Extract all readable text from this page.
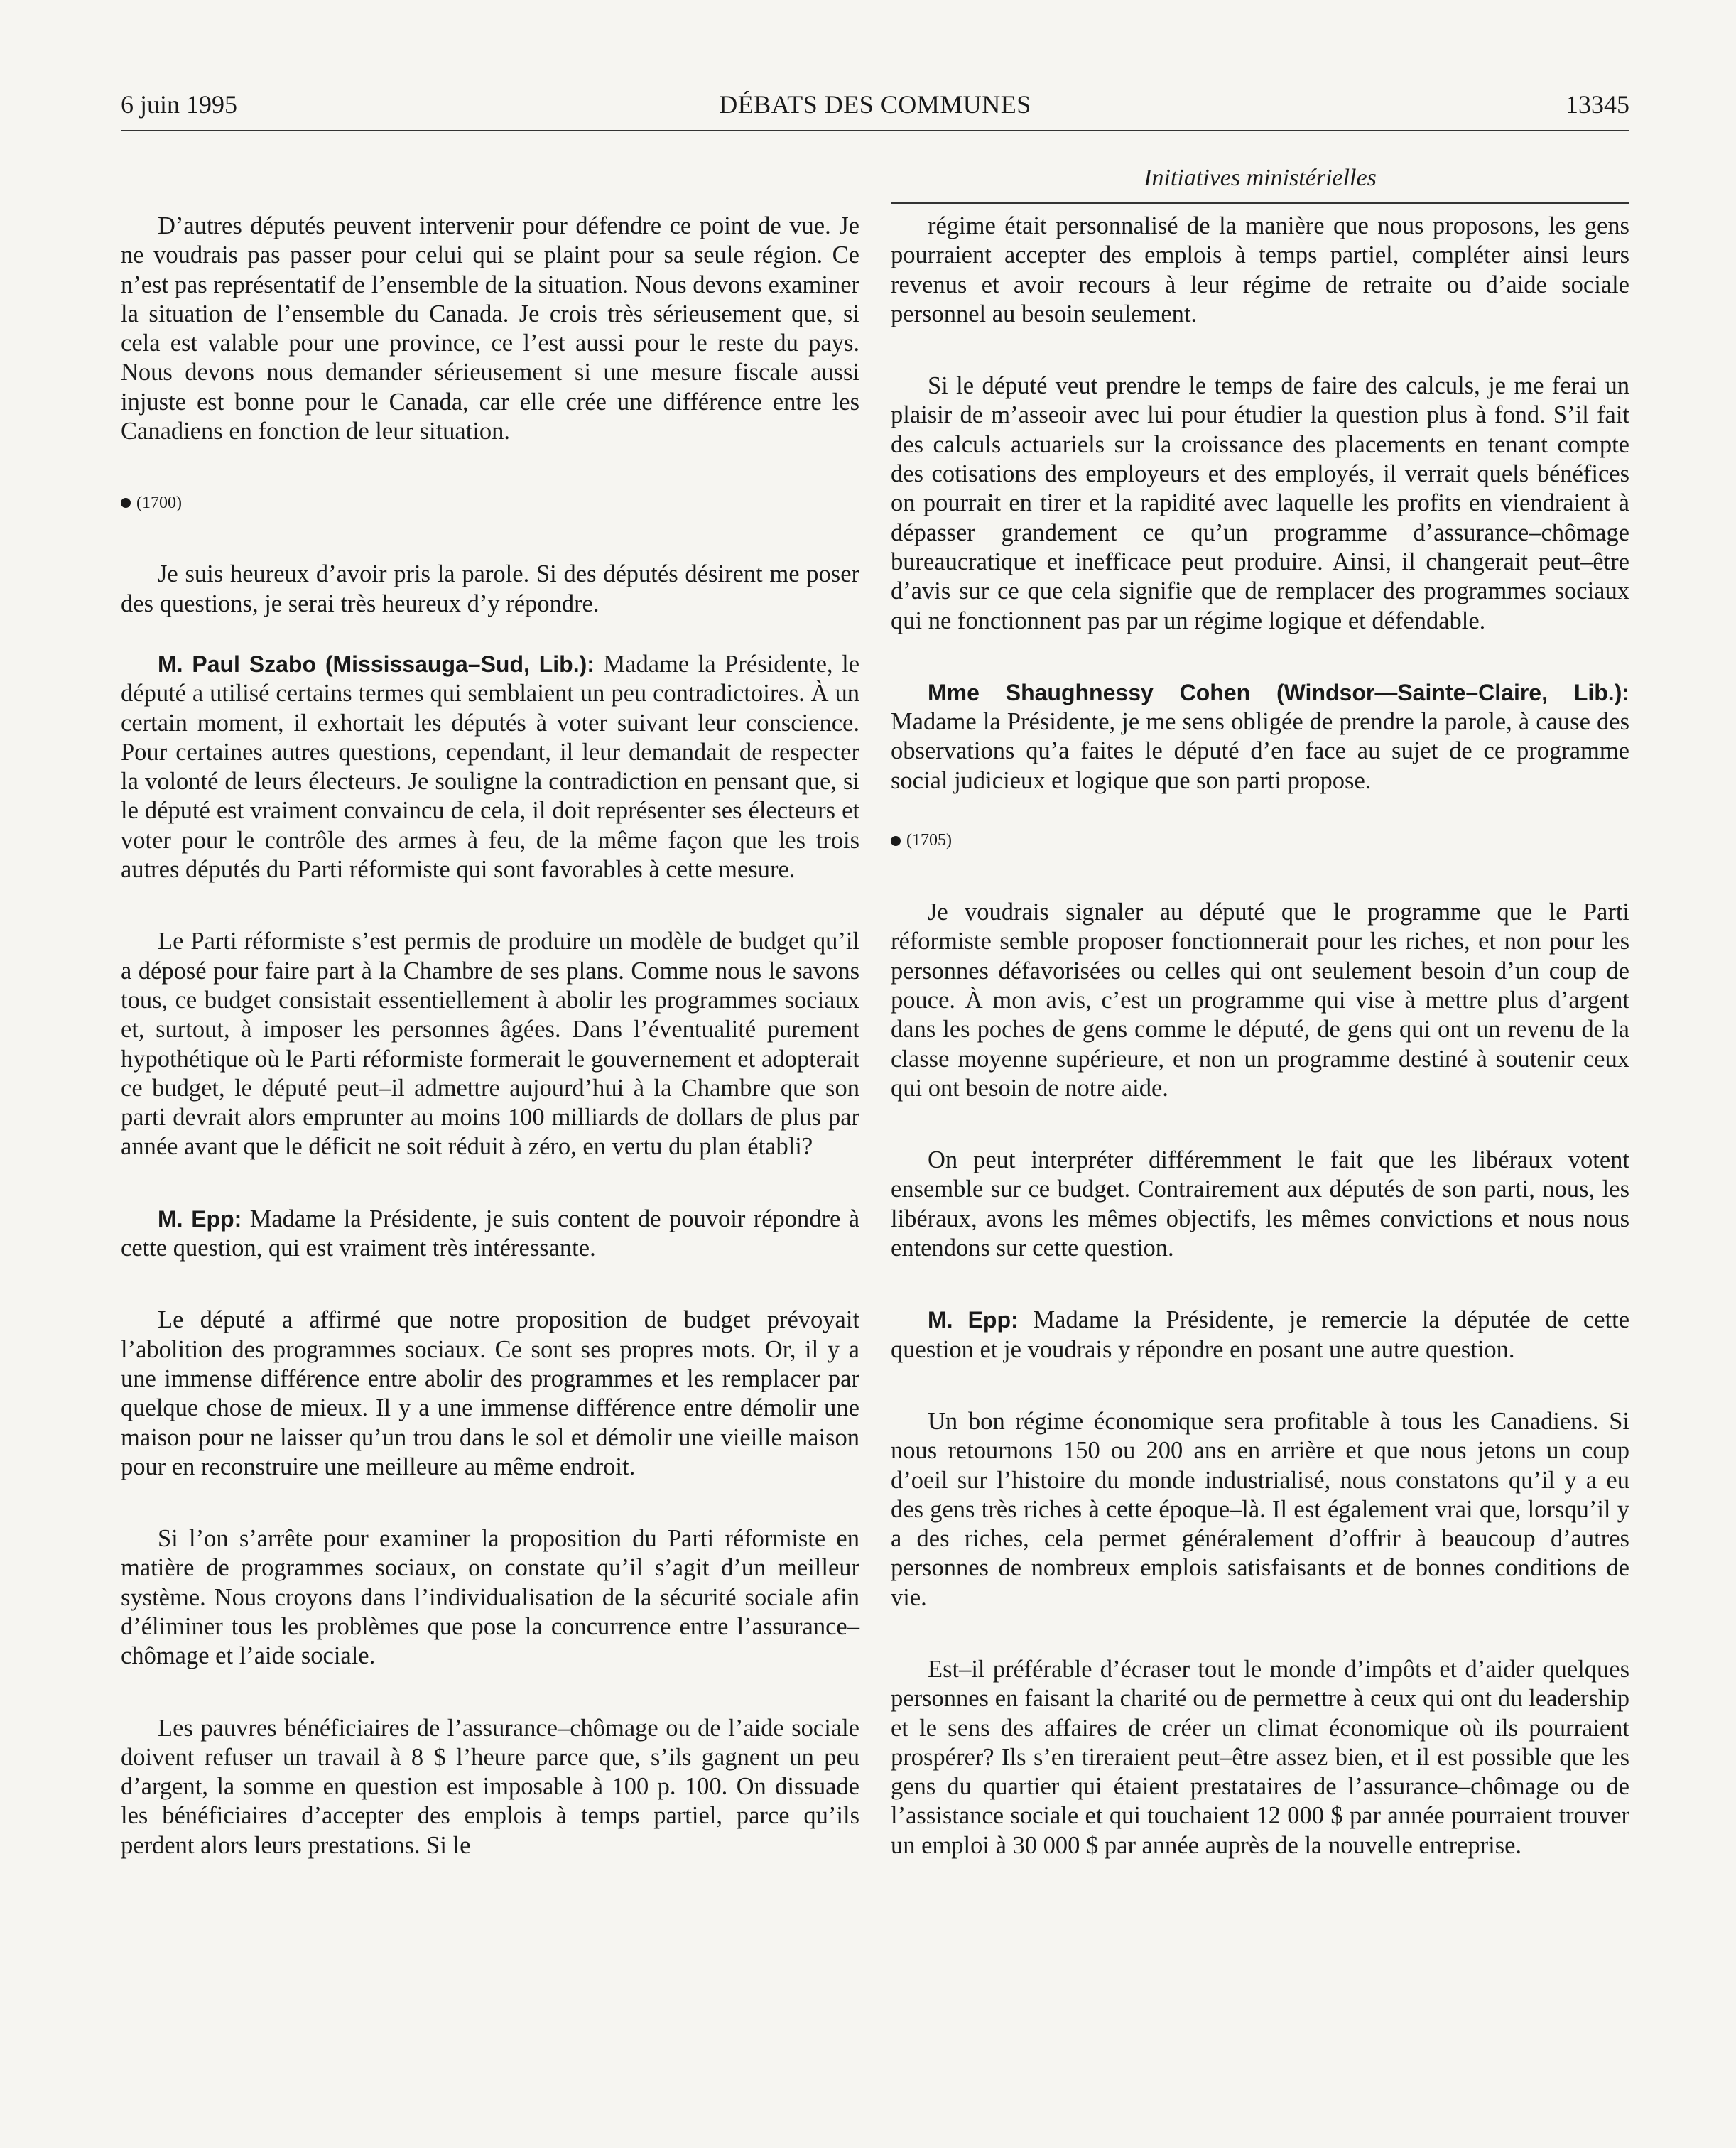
6 juin 1995	DÉBATS DES COMMUNES	13345
Initiatives ministérielles

D’autres députés peuvent intervenir pour défendre ce point de vue. Je ne voudrais pas passer pour celui qui se plaint pour sa seule région. Ce n’est pas représentatif de l’ensemble de la situation. Nous devons examiner la situation de l’ensemble du Canada. Je crois très sérieusement que, si cela est valable pour une province, ce l’est aussi pour le reste du pays. Nous devons nous demander sérieusement si une mesure fiscale aussi injuste est bonne pour le Canada, car elle crée une différence entre les Canadiens en fonction de leur situation.

(1700)

Je suis heureux d’avoir pris la parole. Si des députés désirent me poser des questions, je serai très heureux d’y répondre.

M. Paul Szabo (Mississauga–Sud, Lib.): Madame la Présidente, le député a utilisé certains termes qui semblaient un peu contradictoires. À un certain moment, il exhortait les députés à voter suivant leur conscience. Pour certaines autres questions, cependant, il leur demandait de respecter la volonté de leurs électeurs. Je souligne la contradiction en pensant que, si le député est vraiment convaincu de cela, il doit représenter ses électeurs et voter pour le contrôle des armes à feu, de la même façon que les trois autres députés du Parti réformiste qui sont favorables à cette mesure.

Le Parti réformiste s’est permis de produire un modèle de budget qu’il a déposé pour faire part à la Chambre de ses plans. Comme nous le savons tous, ce budget consistait essentiellement à abolir les programmes sociaux et, surtout, à imposer les personnes âgées. Dans l’éventualité purement hypothétique où le Parti réformiste formerait le gouvernement et adopterait ce budget, le député peut–il admettre aujourd’hui à la Chambre que son parti devrait alors emprunter au moins 100 milliards de dollars de plus par année avant que le déficit ne soit réduit à zéro, en vertu du plan établi?

M. Epp: Madame la Présidente, je suis content de pouvoir répondre à cette question, qui est vraiment très intéressante.

Le député a affirmé que notre proposition de budget prévoyait l’abolition des programmes sociaux. Ce sont ses propres mots. Or, il y a une immense différence entre abolir des programmes et les remplacer par quelque chose de mieux. Il y a une immense différence entre démolir une maison pour ne laisser qu’un trou dans le sol et démolir une vieille maison pour en reconstruire une meilleure au même endroit.

Si l’on s’arrête pour examiner la proposition du Parti réformiste en matière de programmes sociaux, on constate qu’il s’agit d’un meilleur système. Nous croyons dans l’individualisation de la sécurité sociale afin d’éliminer tous les problèmes que pose la concurrence entre l’assurance–chômage et l’aide sociale.

Les pauvres bénéficiaires de l’assurance–chômage ou de l’aide sociale doivent refuser un travail à 8 $ l’heure parce que, s’ils gagnent un peu d’argent, la somme en question est imposable à 100 p. 100. On dissuade les bénéficiaires d’accepter des emplois à temps partiel, parce qu’ils perdent alors leurs prestations. Si le

régime était personnalisé de la manière que nous proposons, les gens pourraient accepter des emplois à temps partiel, compléter ainsi leurs revenus et avoir recours à leur régime de retraite ou d’aide sociale personnel au besoin seulement.

Si le député veut prendre le temps de faire des calculs, je me ferai un plaisir de m’asseoir avec lui pour étudier la question plus à fond. S’il fait des calculs actuariels sur la croissance des placements en tenant compte des cotisations des employeurs et des employés, il verrait quels bénéfices on pourrait en tirer et la rapidité avec laquelle les profits en viendraient à dépasser grandement ce qu’un programme d’assurance–chômage bureaucratique et inefficace peut produire. Ainsi, il changerait peut–être d’avis sur ce que cela signifie que de remplacer des programmes sociaux qui ne fonctionnent pas par un régime logique et défendable.

Mme Shaughnessy Cohen (Windsor—Sainte–Claire, Lib.): Madame la Présidente, je me sens obligée de prendre la parole, à cause des observations qu’a faites le député d’en face au sujet de ce programme social judicieux et logique que son parti propose.

(1705)

Je voudrais signaler au député que le programme que le Parti réformiste semble proposer fonctionnerait pour les riches, et non pour les personnes défavorisées ou celles qui ont seulement besoin d’un coup de pouce. À mon avis, c’est un programme qui vise à mettre plus d’argent dans les poches de gens comme le député, de gens qui ont un revenu de la classe moyenne supérieure, et non un programme destiné à soutenir ceux qui ont besoin de notre aide.

On peut interpréter différemment le fait que les libéraux votent ensemble sur ce budget. Contrairement aux députés de son parti, nous, les libéraux, avons les mêmes objectifs, les mêmes convictions et nous nous entendons sur cette question.

M. Epp: Madame la Présidente, je remercie la députée de cette question et je voudrais y répondre en posant une autre question.

Un bon régime économique sera profitable à tous les Canadiens. Si nous retournons 150 ou 200 ans en arrière et que nous jetons un coup d’oeil sur l’histoire du monde industrialisé, nous constatons qu’il y a eu des gens très riches à cette époque–là. Il est également vrai que, lorsqu’il y a des riches, cela permet généralement d’offrir à beaucoup d’autres personnes de nombreux emplois satisfaisants et de bonnes conditions de vie.

Est–il préférable d’écraser tout le monde d’impôts et d’aider quelques personnes en faisant la charité ou de permettre à ceux qui ont du leadership et le sens des affaires de créer un climat économique où ils pourraient prospérer? Ils s’en tireraient peut–être assez bien, et il est possible que les gens du quartier qui étaient prestataires de l’assurance–chômage ou de l’assistance sociale et qui touchaient 12 000 $ par année pourraient trouver un emploi à 30 000 $ par année auprès de la nouvelle entreprise.
